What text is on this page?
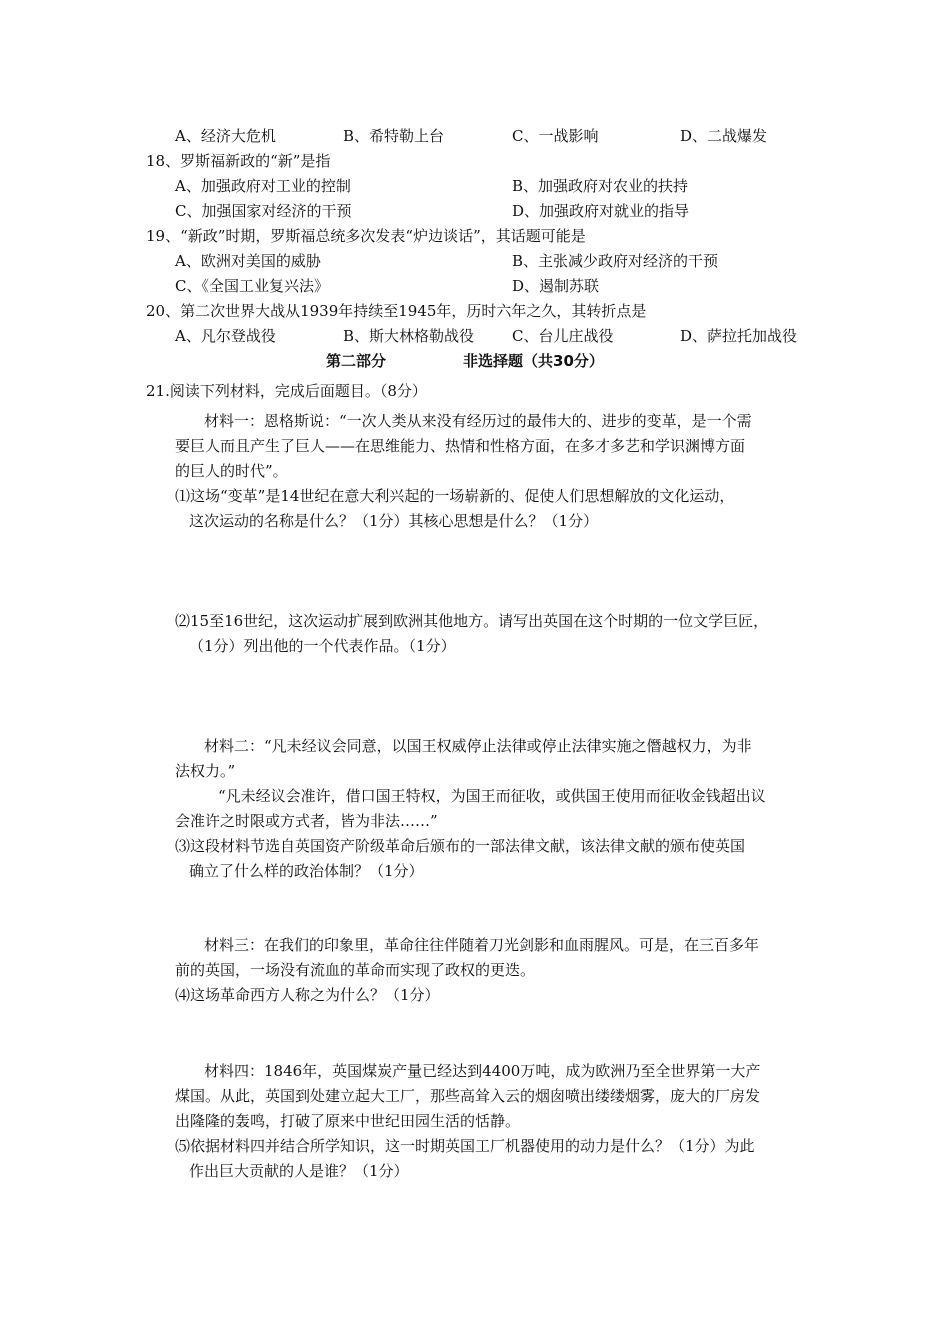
A、经济大危机	B、希特勒上台	C、一战影响	D、二战爆发
18、罗斯福新政的“新”是指
A、加强政府对工业的控制	B、加强政府对农业的扶持
C、加强国家对经济的干预	D、加强政府对就业的指导
19、“新政”时期，罗斯福总统多次发表“炉边谈话”，其话题可能是
A、欧洲对美国的威胁	B、主张减少政府对经济的干预
C、《全国工业复兴法》	D、遏制苏联
20、第二次世界大战从1939年持续至1945年，历时六年之久，其转折点是
A、凡尔登战役	B、斯大林格勒战役	C、台儿庄战役	D、萨拉托加战役
第二部分	非选择题（共30分）
21.阅读下列材料，完成后面题目。（8分）
材料一：恩格斯说：“一次人类从来没有经历过的最伟大的、进步的变革，是一个需
要巨人而且产生了巨人——在思维能力、热情和性格方面，在多才多艺和学识渊博方面
的巨人的时代”。
⑴这场“变革”是14世纪在意大利兴起的一场崭新的、促使人们思想解放的文化运动，
这次运动的名称是什么？（1分）其核心思想是什么？（1分）
⑵15至16世纪，这次运动扩展到欧洲其他地方。请写出英国在这个时期的一位文学巨匠，
（1分）列出他的一个代表作品。（1分）
材料二：“凡未经议会同意，以国王权威停止法律或停止法律实施之僭越权力，为非
法权力。”
“凡未经议会准许，借口国王特权，为国王而征收，或供国王使用而征收金钱超出议
会准许之时限或方式者，皆为非法……”
⑶这段材料节选自英国资产阶级革命后颁布的一部法律文献，该法律文献的颁布使英国
确立了什么样的政治体制？（1分）
材料三：在我们的印象里，革命往往伴随着刀光剑影和血雨腥风。可是，在三百多年
前的英国，一场没有流血的革命而实现了政权的更迭。
⑷这场革命西方人称之为什么？（1分）
材料四：1846年，英国煤炭产量已经达到4400万吨，成为欧洲乃至全世界第一大产
煤国。从此，英国到处建立起大工厂，那些高耸入云的烟囱喷出缕缕烟雾，庞大的厂房发
出隆隆的轰鸣，打破了原来中世纪田园生活的恬静。
⑸依据材料四并结合所学知识，这一时期英国工厂机器使用的动力是什么？（1分）为此
作出巨大贡献的人是谁？（1分）
